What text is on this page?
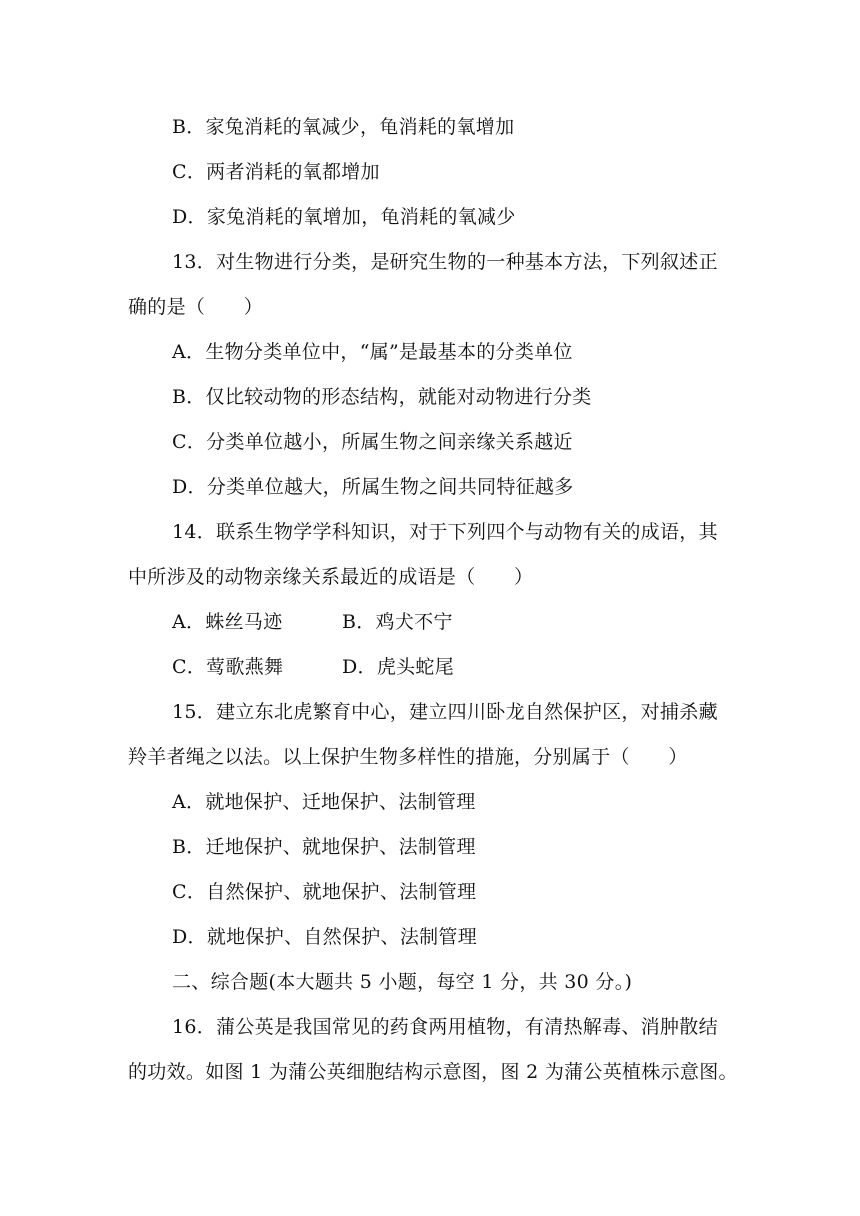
B．家兔消耗的氧减少，龟消耗的氧增加
C．两者消耗的氧都增加
D．家兔消耗的氧增加，龟消耗的氧减少
13．对生物进行分类，是研究生物的一种基本方法，下列叙述正
确的是（　　）
A．生物分类单位中，“属”是最基本的分类单位
B．仅比较动物的形态结构，就能对动物进行分类
C．分类单位越小，所属生物之间亲缘关系越近
D．分类单位越大，所属生物之间共同特征越多
14．联系生物学学科知识，对于下列四个与动物有关的成语，其
中所涉及的动物亲缘关系最近的成语是（　　）
A．蛛丝马迹	B．鸡犬不宁
C．莺歌燕舞	D．虎头蛇尾
15．建立东北虎繁育中心，建立四川卧龙自然保护区，对捕杀藏
羚羊者绳之以法。以上保护生物多样性的措施，分别属于（　　）
A．就地保护、迁地保护、法制管理
B．迁地保护、就地保护、法制管理
C．自然保护、就地保护、法制管理
D．就地保护、自然保护、法制管理
二、综合题(本大题共 5 小题，每空 1 分，共 30 分。)
16．蒲公英是我国常见的药食两用植物，有清热解毒、消肿散结
的功效。如图 1 为蒲公英细胞结构示意图，图 2 为蒲公英植株示意图。
